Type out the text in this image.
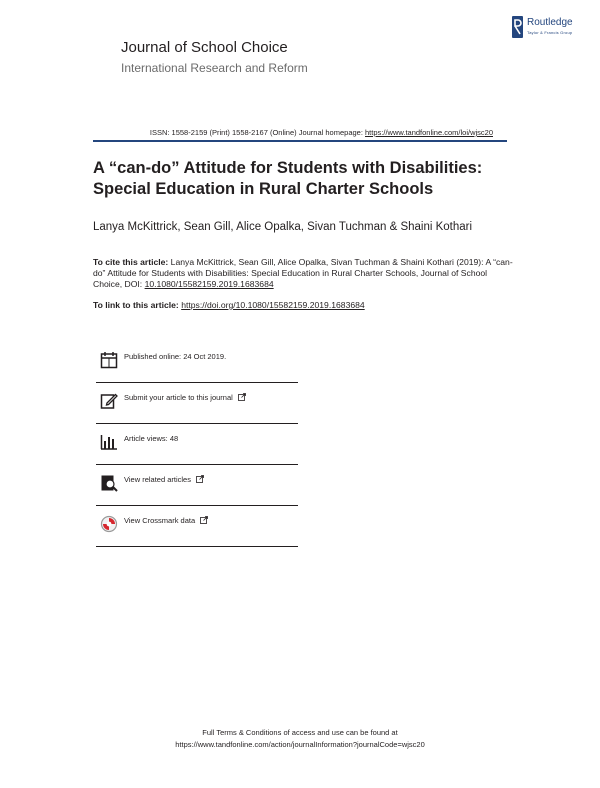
Routledge
Taylor & Francis Group
Journal of School Choice
International Research and Reform
ISSN: 1558-2159 (Print) 1558-2167 (Online) Journal homepage: https://www.tandfonline.com/loi/wjsc20
A “can-do” Attitude for Students with Disabilities: Special Education in Rural Charter Schools
Lanya McKittrick, Sean Gill, Alice Opalka, Sivan Tuchman & Shaini Kothari
To cite this article: Lanya McKittrick, Sean Gill, Alice Opalka, Sivan Tuchman & Shaini Kothari (2019): A “can-do” Attitude for Students with Disabilities: Special Education in Rural Charter Schools, Journal of School Choice, DOI: 10.1080/15582159.2019.1683684
To link to this article: https://doi.org/10.1080/15582159.2019.1683684
Published online: 24 Oct 2019.
Submit your article to this journal
Article views: 48
View related articles
View Crossmark data
Full Terms & Conditions of access and use can be found at
https://www.tandfonline.com/action/journalInformation?journalCode=wjsc20
